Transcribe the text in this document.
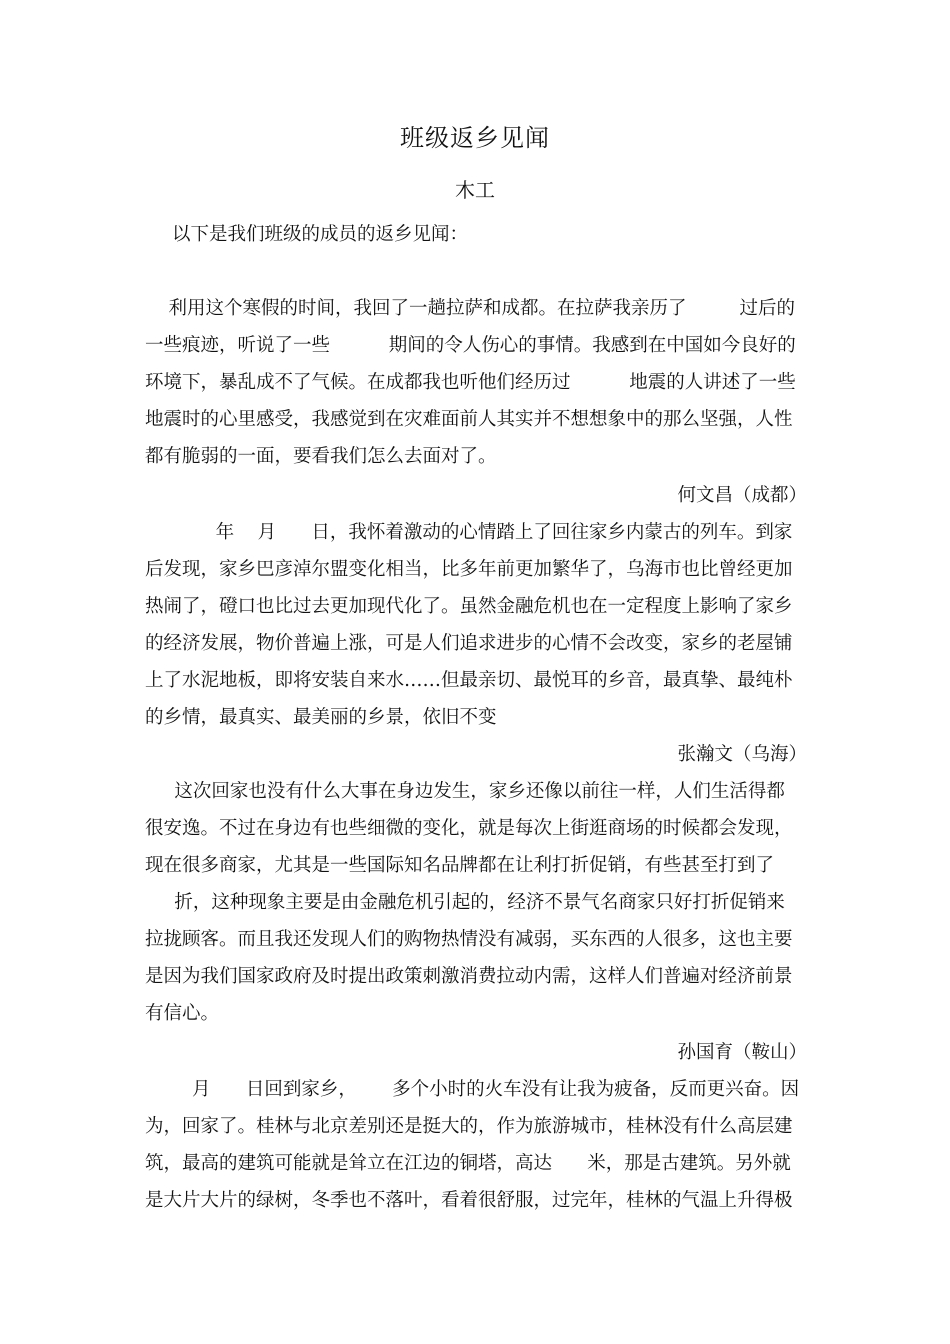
班级返乡见闻
木工
以下是我们班级的成员的返乡见闻：
利用这个寒假的时间，我回了一趟拉萨和成都。在拉萨我亲历了         过后的
一些痕迹，听说了一些          期间的令人伤心的事情。我感到在中国如今良好的
环境下，暴乱成不了气候。在成都我也听他们经历过          地震的人讲述了一些
地震时的心里感受，我感觉到在灾难面前人其实并不想想象中的那么坚强，人性
都有脆弱的一面，要看我们怎么去面对了。
何文昌（成都）
年    月      日，我怀着激动的心情踏上了回往家乡内蒙古的列车。到家
后发现，家乡巴彦淖尔盟变化相当，比多年前更加繁华了，乌海市也比曾经更加
热闹了，磴口也比过去更加现代化了。虽然金融危机也在一定程度上影响了家乡
的经济发展，物价普遍上涨，可是人们追求进步的心情不会改变，家乡的老屋铺
上了水泥地板，即将安装自来水……但最亲切、最悦耳的乡音，最真挚、最纯朴
的乡情，最真实、最美丽的乡景，依旧不变
张瀚文（乌海）
这次回家也没有什么大事在身边发生，家乡还像以前往一样，人们生活得都
很安逸。不过在身边有也些细微的变化，就是每次上街逛商场的时候都会发现，
现在很多商家，尤其是一些国际知名品牌都在让利打折促销，有些甚至打到了
折，这种现象主要是由金融危机引起的，经济不景气名商家只好打折促销来
拉拢顾客。而且我还发现人们的购物热情没有减弱，买东西的人很多，这也主要
是因为我们国家政府及时提出政策刺激消费拉动内需，这样人们普遍对经济前景
有信心。
孙国育（鞍山）
月      日回到家乡，      多个小时的火车没有让我为疲备，反而更兴奋。因
为，回家了。桂林与北京差别还是挺大的，作为旅游城市，桂林没有什么高层建
筑，最高的建筑可能就是耸立在江边的铜塔，高达      米，那是古建筑。另外就
是大片大片的绿树，冬季也不落叶，看着很舒服，过完年，桂林的气温上升得极
